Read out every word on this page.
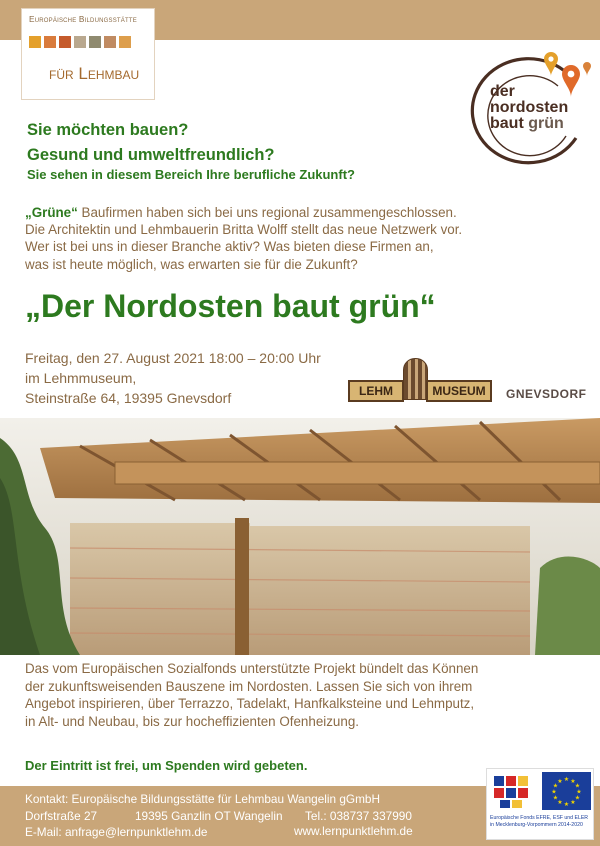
Europäische Bildungsstätte
für Lehmbau
der
nordosten
baut grün
Sie möchten bauen?
Gesund und umweltfreundlich?
Sie sehen in diesem Bereich Ihre berufliche Zukunft?
„Grüne“ Baufirmen haben sich bei uns regional zusammengeschlossen.
Die Architektin und Lehmbauerin Britta Wolff stellt das neue Netzwerk vor.
Wer ist bei uns in dieser Branche aktiv? Was bieten diese Firmen an,
was ist heute möglich, was erwarten sie für die Zukunft?
„Der Nordosten baut grün“
Freitag, den 27. August 2021 18:00 – 20:00 Uhr
im Lehmmuseum,
Steinstraße 64, 19395 Gnevsdorf	LEHM	MUSEUM	GNEVSDORF
Das vom Europäischen Sozialfonds unterstützte Projekt bündelt das Können
der zukunftsweisenden Bauszene im Nordosten. Lassen Sie sich von ihrem
Angebot inspirieren, über Terrazzo, Tadelakt, Hanfkalksteine und Lehmputz,
in Alt- und Neubau, bis zur hocheffizienten Ofenheizung.
Der Eintritt ist frei, um Spenden wird gebeten.
Kontakt: Europäische Bildungsstätte für Lehmbau Wangelin gGmbH
Dorfstraße 27	19395 Ganzlin OT Wangelin	Tel.: 038737 337990
E-Mail: anfrage@lernpunktlehm.de	www.lernpunktlehm.de
★ ★
★
★
★
★
★
★
★
★
★
★
Europäische Fonds EFRE, ESF und ELER
in Mecklenburg-Vorpommern 2014-2020
